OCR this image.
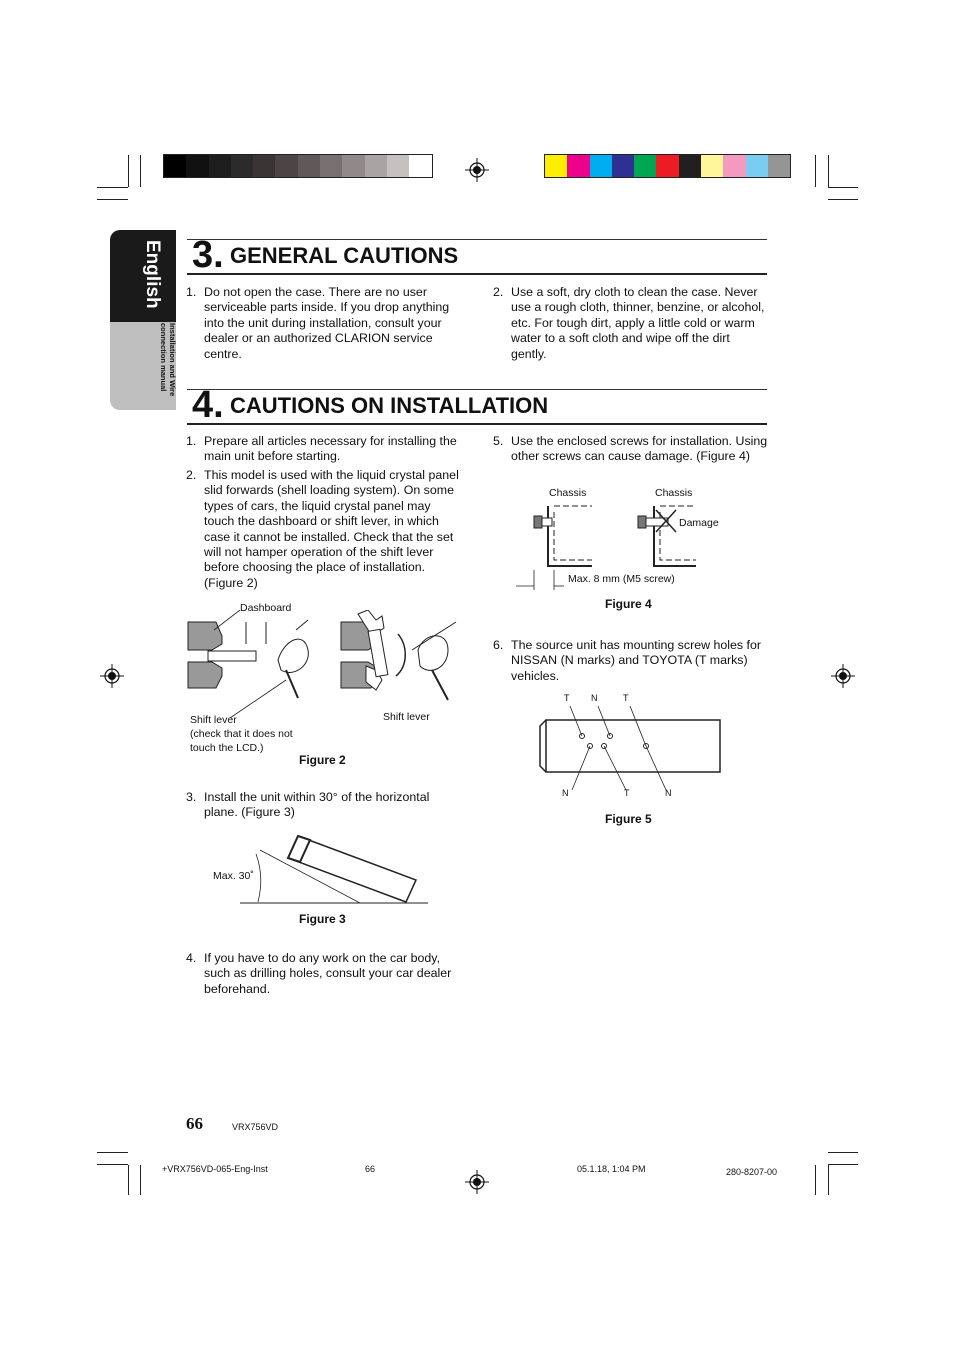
English
Installation and Wire connection manual
3. GENERAL CAUTIONS
1. Do not open the case. There are no user serviceable parts inside. If you drop anything into the unit during installation, consult your dealer or an authorized CLARION service centre.
2. Use a soft, dry cloth to clean the case. Never use a rough cloth, thinner, benzine, or alcohol, etc. For tough dirt, apply a little cold or warm water to a soft cloth and wipe off the dirt gently.
4. CAUTIONS ON INSTALLATION
1. Prepare all articles necessary for installing the main unit before starting.
2. This model is used with the liquid crystal panel slid forwards (shell loading system). On some types of cars, the liquid crystal panel may touch the dashboard or shift lever, in which case it cannot be installed. Check that the set will not hamper operation of the shift lever before choosing the place of installation.(Figure 2)
3. Install the unit within 30° of the horizontal plane. (Figure 3)
4. If you have to do any work on the car body, such as drilling holes, consult your car dealer beforehand.
5. Use the enclosed screws for installation. Using other screws can cause damage. (Figure 4)
6. The source unit has mounting screw holes for NISSAN (N marks) and TOYOTA (T marks) vehicles.
Dashboard
Shift lever
(check that it does not touch the LCD.)
Shift lever
Figure 2
Max. 30˚
Figure 3
Chassis	Chassis
Damage
Max. 8 mm (M5 screw)
Figure 4
T N	T
N	T	N
Figure 5
66	VRX756VD
+VRX756VD-065-Eng-Inst	66	05.1.18, 1:04 PM	280-8207-00
